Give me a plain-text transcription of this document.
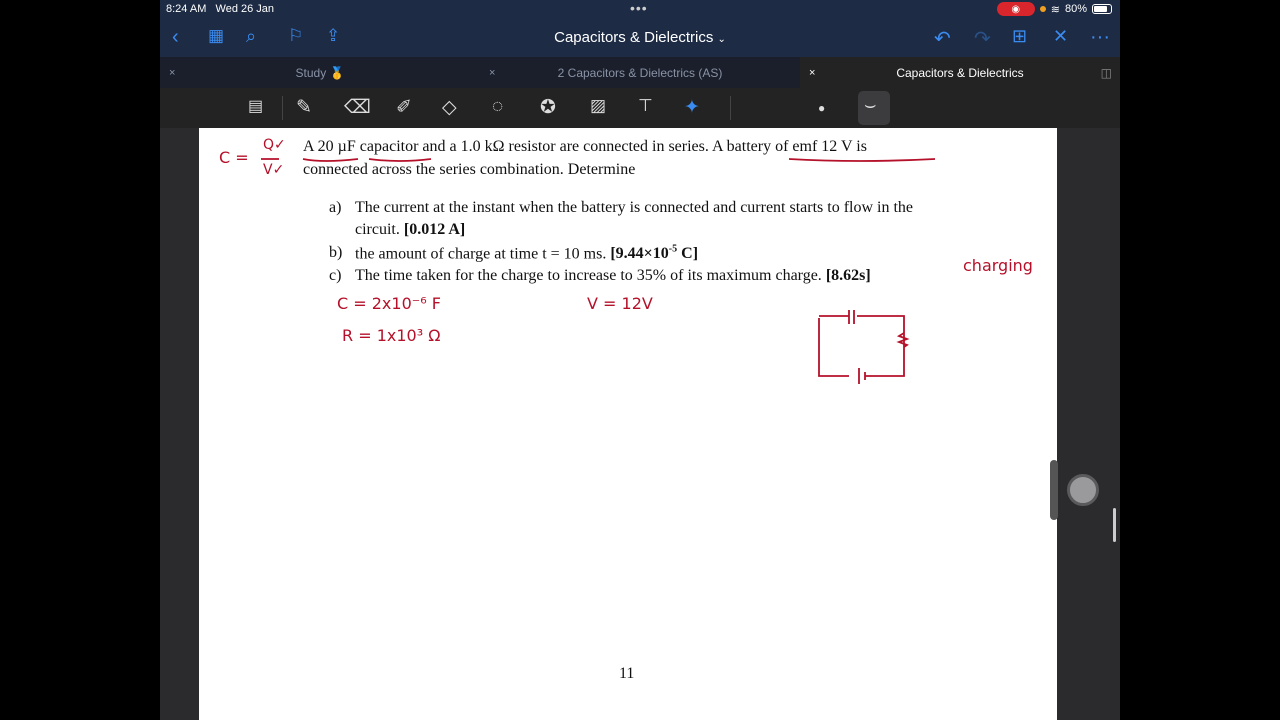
8:24 AM Wed 26 Jan	•••	◉	≋ 80%
‹ ▦ ⌕ ⚐ ⇪	Capacitors & Dielectrics ⌄	↶ ↷ ⊞ ✕ ···
×	Study 🥇	×	2 Capacitors & Dielectrics (AS)	×	Capacitors & Dielectrics	◫
▤ ✎ ⌫ ✐ ◇ ◌ ✪ ▨ ⊤ ✦	● ⌣
A 20 µF capacitor and a 1.0 kΩ resistor are connected in series. A battery of emf 12 V is
connected across the series combination. Determine
a) The current at the instant when the battery is connected and current starts to flow in the
circuit. [0.012 A]
b) the amount of charge at time t = 10 ms. [$9.44\times 10^{-5}$ C]
c) The time taken for the charge to increase to 35% of its maximum charge. [8.62s]
11
C =
Q✓
V✓
charging
C = 2x10⁻⁶ F
R = 1x10³ Ω
V = 12V
